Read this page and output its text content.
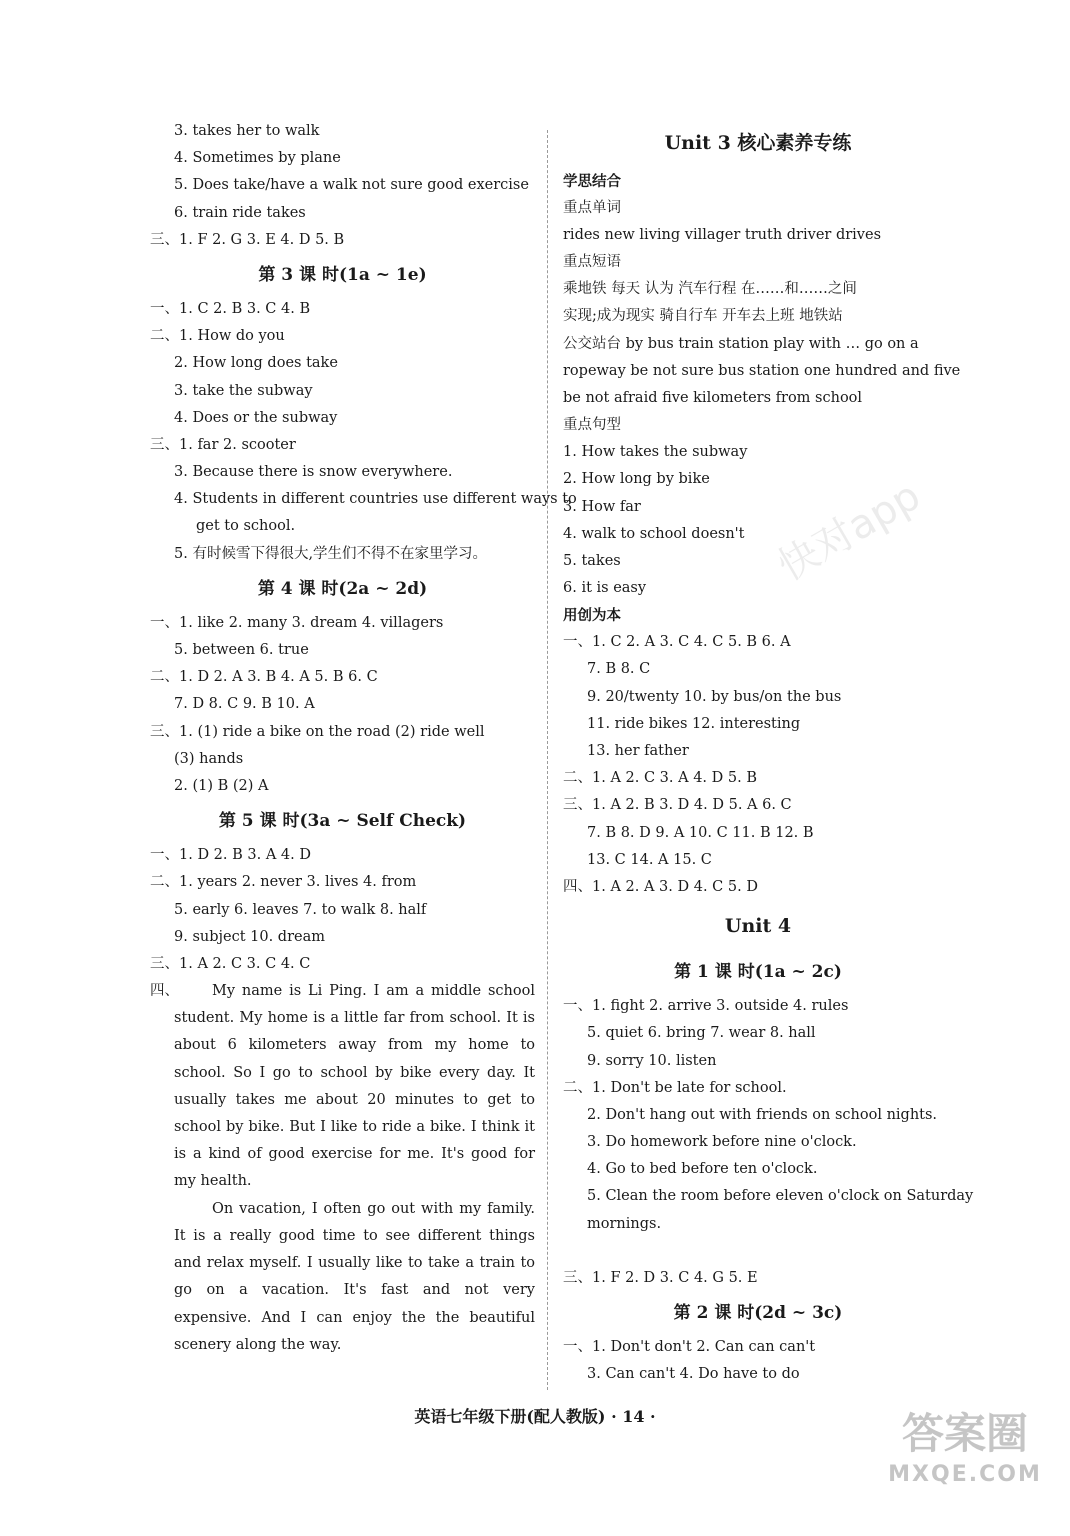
3. takes her to walk
4. Sometimes by plane
5. Does take/have a walk not sure good exercise
6. train ride takes
三、1. F 2. G 3. E 4. D 5. B
第 3 课 时(1a ~ 1e)
一、1. C 2. B 3. C 4. B
二、1. How do you
2. How long does take
3. take the subway
4. Does or the subway
三、1. far 2. scooter
3. Because there is snow everywhere.
4. Students in different countries use different ways to
get to school.
5. 有时候雪下得很大,学生们不得不在家里学习。
第 4 课 时(2a ~ 2d)
一、1. like 2. many 3. dream 4. villagers
5. between 6. true
二、1. D 2. A 3. B 4. A 5. B 6. C
7. D 8. C 9. B 10. A
三、1. (1) ride a bike on the road (2) ride well
(3) hands
2. (1) B (2) A
第 5 课 时(3a ~ Self Check)
一、1. D 2. B 3. A 4. D
二、1. years 2. never 3. lives 4. from
5. early 6. leaves 7. to walk 8. half
9. subject 10. dream
三、1. A 2. C 3. C 4. C
四、	My name is Li Ping. I am a middle school student. My home is a little far from school. It is about 6 kilometers away from my home to school. So I go to school by bike every day. It usually takes me about 20 minutes to get to school by bike. But I like to ride a bike. I think it is a kind of good exercise for me. It's good for my health.

On vacation, I often go out with my family. It is a really good time to see different things and relax myself. I usually like to take a train to go on a vacation. It's fast and not very expensive. And I can enjoy the the beautiful scenery along the way.

Unit 3 核心素养专练
学思结合
重点单词
rides new living villager truth driver drives
重点短语
乘地铁 每天 认为 汽车行程 在……和……之间
实现;成为现实 骑自行车 开车去上班 地铁站
公交站台 by bus train station play with … go on a
ropeway be not sure bus station one hundred and five
be not afraid five kilometers from school
重点句型
1. How takes the subway
2. How long by bike
3. How far
4. walk to school doesn't
5. takes
6. it is easy
用创为本
一、1. C 2. A 3. C 4. C 5. B 6. A
7. B 8. C
9. 20/twenty 10. by bus/on the bus
11. ride bikes 12. interesting
13. her father
二、1. A 2. C 3. A 4. D 5. B
三、1. A 2. B 3. D 4. D 5. A 6. C
7. B 8. D 9. A 10. C 11. B 12. B
13. C 14. A 15. C
四、1. A 2. A 3. D 4. C 5. D
Unit 4
第 1 课 时(1a ~ 2c)
一、1. fight 2. arrive 3. outside 4. rules
5. quiet 6. bring 7. wear 8. hall
9. sorry 10. listen
二、1. Don't be late for school.
2. Don't hang out with friends on school nights.
3. Do homework before nine o'clock.
4. Go to bed before ten o'clock.
5. Clean the room before eleven o'clock on Saturday
mornings.
三、1. F 2. D 3. C 4. G 5. E
第 2 课 时(2d ~ 3c)
一、1. Don't don't 2. Can can can't
3. Can can't 4. Do have to do
英语七年级下册(配人教版) · 14 ·
快对app
答案圈
MXQE.COM
